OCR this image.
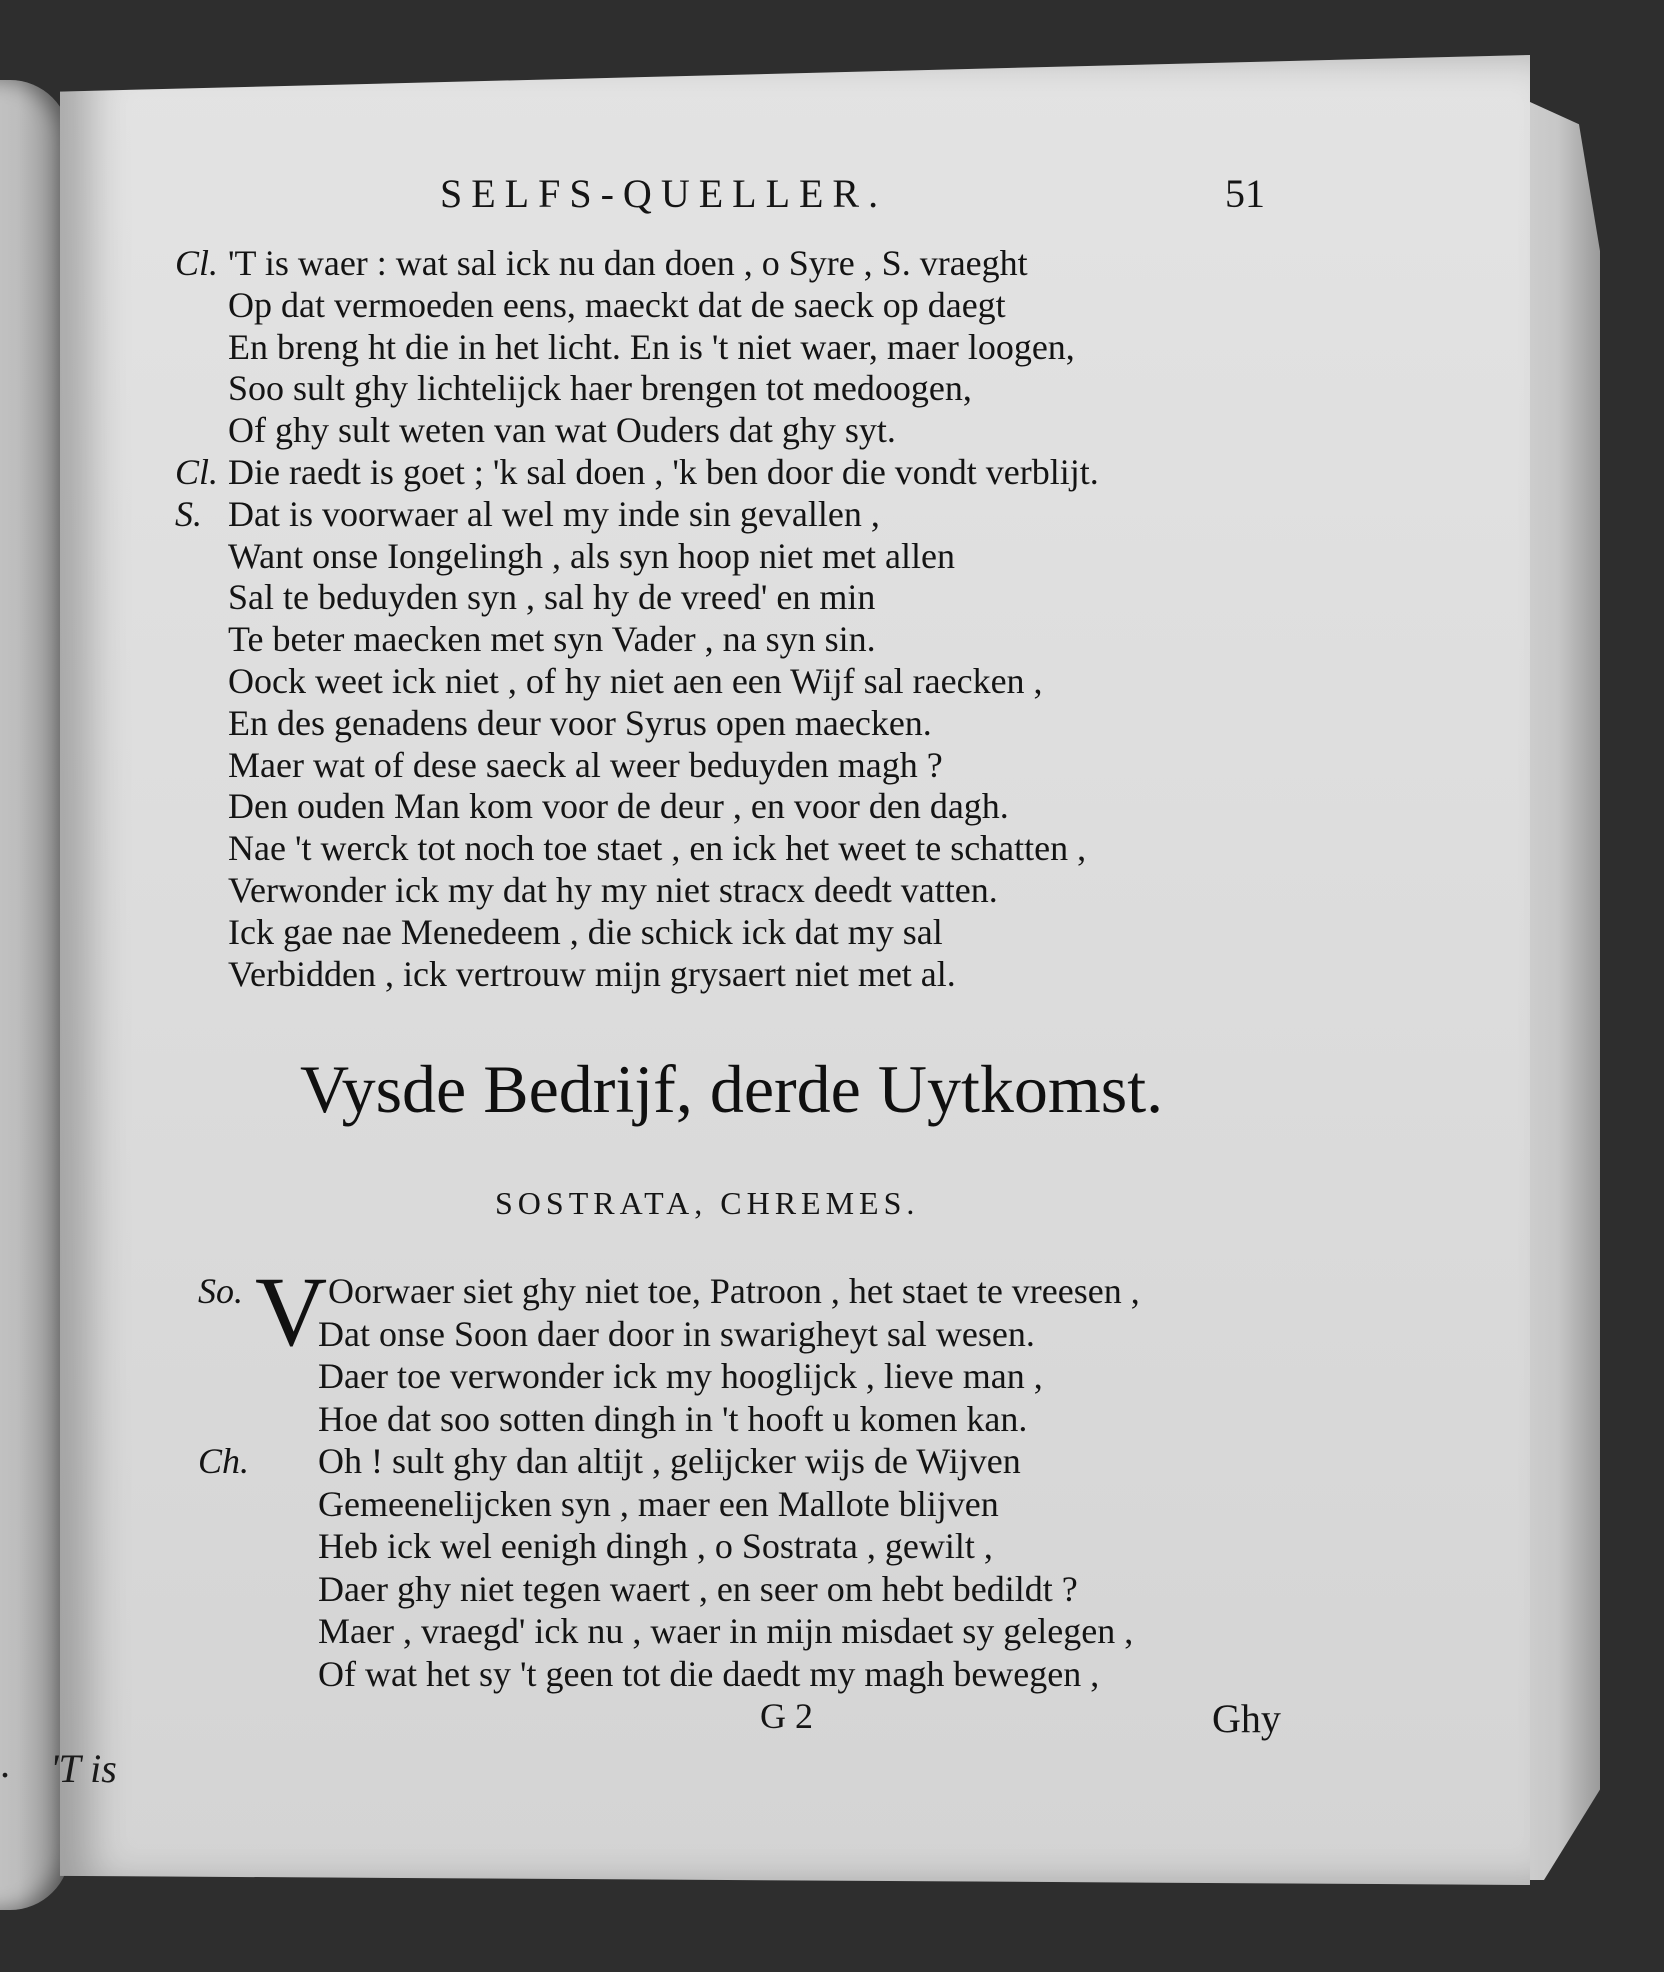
. 'T is
SELFS-QUELLER.	51
Cl. 'T is waer : wat sal ick nu dan doen , o Syre , S. vraeght
Op dat vermoeden eens, maeckt dat de saeck op daegt
En breng ht die in het licht. En is 't niet waer, maer loogen,
Soo sult ghy lichtelijck haer brengen tot medoogen,
Of ghy sult weten van wat Ouders dat ghy syt.
Cl. Die raedt is goet ; 'k sal doen , 'k ben door die vondt verblijt.
S. Dat is voorwaer al wel my inde sin gevallen ,
Want onse Iongelingh , als syn hoop niet met allen
Sal te beduyden syn , sal hy de vreed' en min
Te beter maecken met syn Vader , na syn sin.
Oock weet ick niet , of hy niet aen een Wijf sal raecken ,
En des genadens deur voor Syrus open maecken.
Maer wat of dese saeck al weer beduyden magh ?
Den ouden Man kom voor de deur , en voor den dagh.
Nae 't werck tot noch toe staet , en ick het weet te schatten ,
Verwonder ick my dat hy my niet stracx deedt vatten.
Ick gae nae Menedeem , die schick ick dat my sal
Verbidden , ick vertrouw mijn grysaert niet met al.
Vysde Bedrijf, derde Uytkomst.
SOSTRATA, CHREMES.
V
So. Oorwaer siet ghy niet toe, Patroon , het staet te vreesen ,
Dat onse Soon daer door in swarigheyt sal wesen.
Daer toe verwonder ick my hooglijck , lieve man ,
Hoe dat soo sotten dingh in 't hooft u komen kan.
Ch. Oh ! sult ghy dan altijt , gelijcker wijs de Wijven
Gemeenelijcken syn , maer een Mallote blijven
Heb ick wel eenigh dingh , o Sostrata , gewilt ,
Daer ghy niet tegen waert , en seer om hebt bedildt ?
Maer , vraegd' ick nu , waer in mijn misdaet sy gelegen ,
Of wat het sy 't geen tot die daedt my magh bewegen ,
G 2	Ghy
